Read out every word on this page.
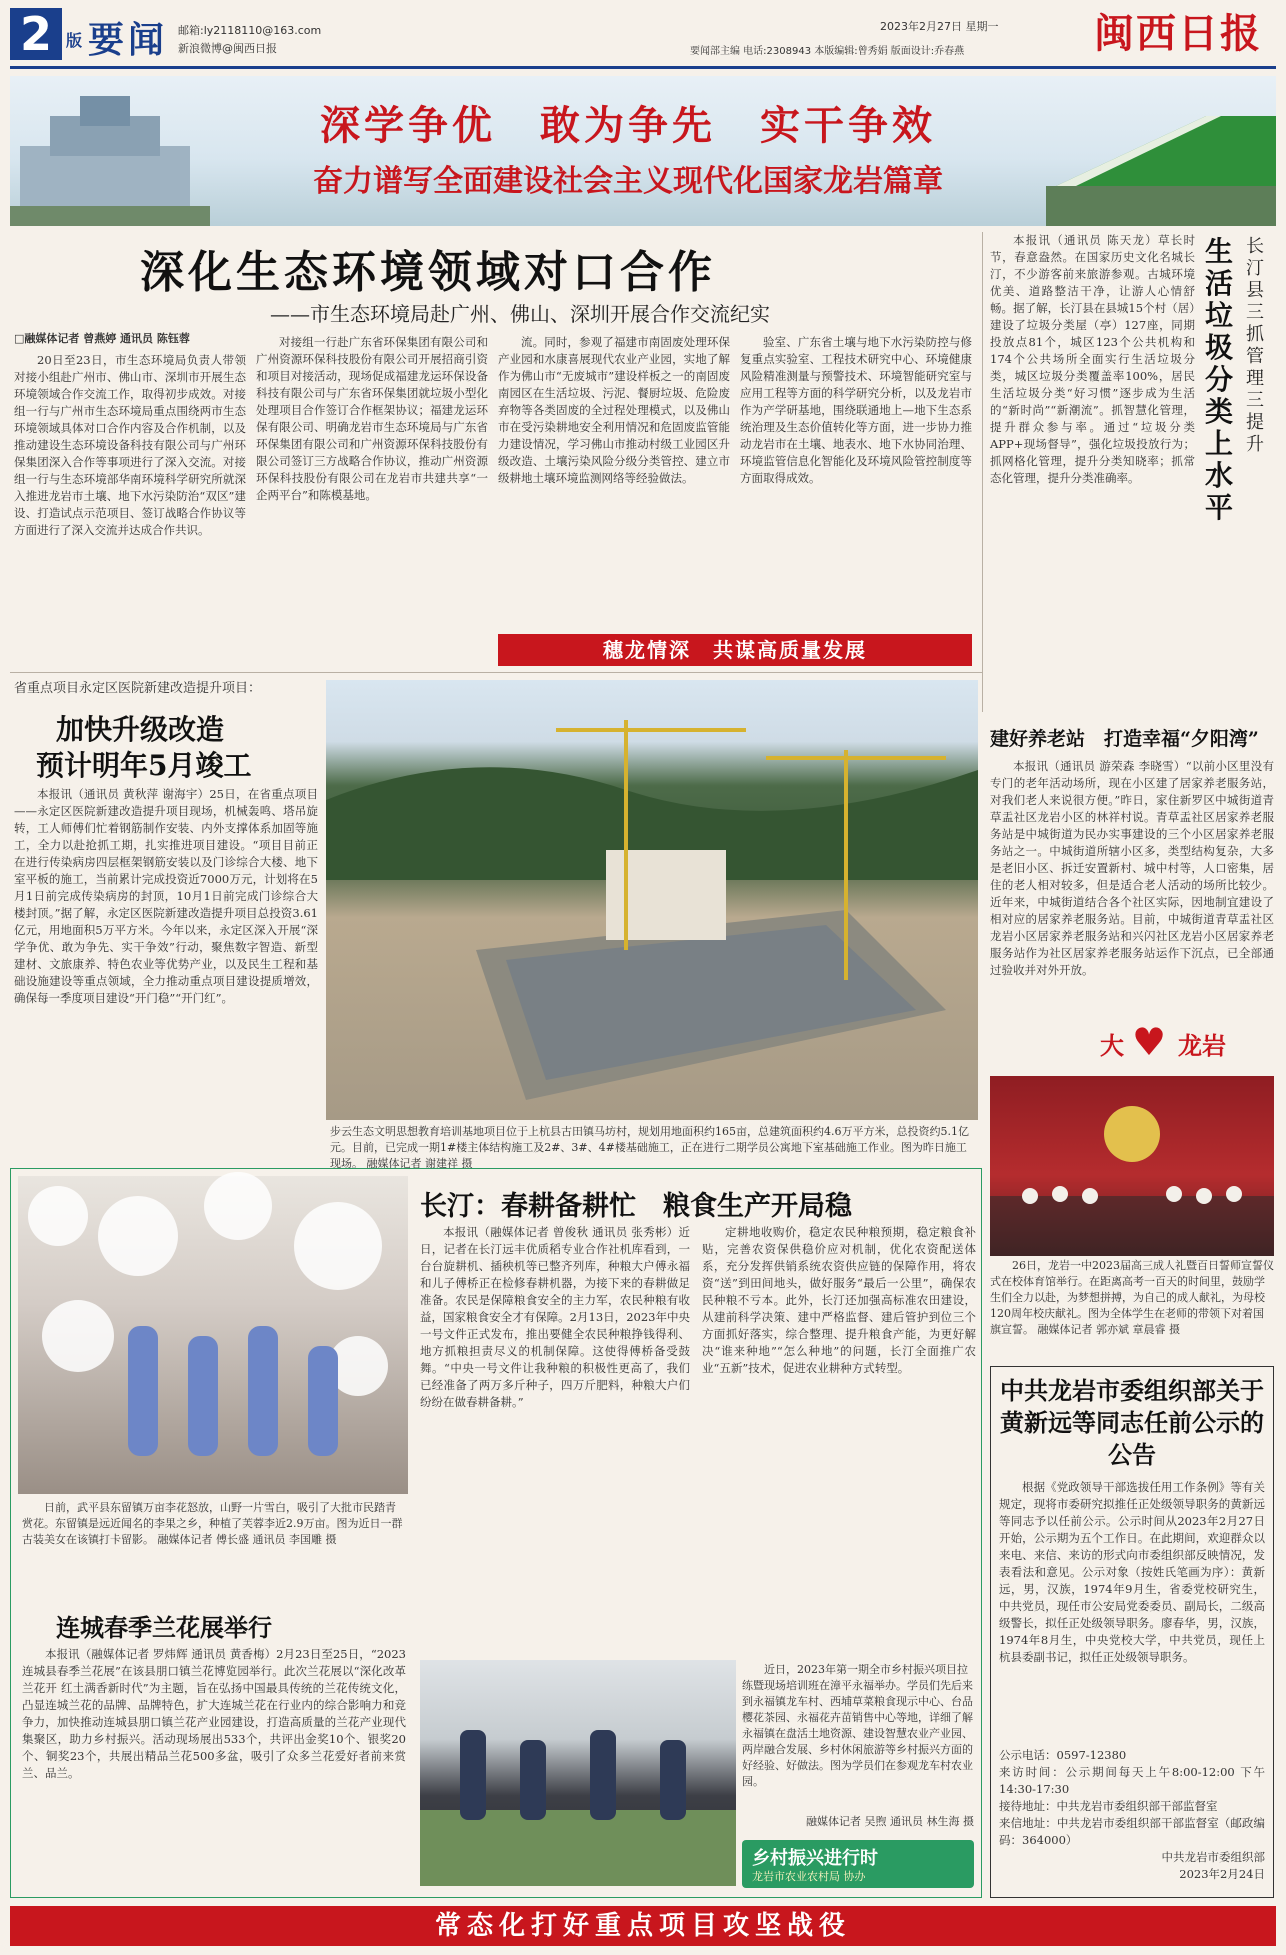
2 版 要闻 邮箱:ly2118110@163.com
新浪微博@闽西日报
2023年2月27日 星期一
要闻部主编 电话:2308943 本版编辑:曾秀娟 版面设计:乔春燕	闽西日报
深学争优　敢为争先　实干争效
奋力谱写全面建设社会主义现代化国家龙岩篇章
深化生态环境领域对口合作
——市生态环境局赴广州、佛山、深圳开展合作交流纪实
□融媒体记者 曾燕婷 通讯员 陈钰蓉

20日至23日，市生态环境局负责人带领对接小组赴广州市、佛山市、深圳市开展生态环境领域合作交流工作，取得初步成效。对接组一行与广州市生态环境局重点围绕两市生态环境领域具体对口合作内容及合作机制，以及推动建设生态环境设备科技有限公司与广州环保集团深入合作等事项进行了深入交流。对接组一行与生态环境部华南环境科学研究所就深入推进龙岩市土壤、地下水污染防治“双区”建设、打造试点示范项目、签订战略合作协议等方面进行了深入交流并达成合作共识。

对接组一行赴广东省环保集团有限公司和广州资源环保科技股份有限公司开展招商引资和项目对接活动，现场促成福建龙运环保设备科技有限公司与广东省环保集团就垃圾小型化处理项目合作签订合作框架协议；福建龙运环保有限公司、明确龙岩市生态环境局与广东省环保集团有限公司和广州资源环保科技股份有限公司签订三方战略合作协议，推动广州资源环保科技股份有限公司在龙岩市共建共享“一企两平台”和陈模基地。

流。同时，参观了福建市南固废处理环保产业园和水康喜展现代农业产业园，实地了解作为佛山市“无废城市”建设样板之一的南固废南园区在生活垃圾、污泥、餐厨垃圾、危险废弃物等各类固废的全过程处理模式，以及佛山市在受污染耕地安全利用情况和危固废监管能力建设情况，学习佛山市推动村级工业园区升级改造、土壤污染风险分级分类管控、建立市级耕地土壤环境监测网络等经验做法。

验室、广东省土壤与地下水污染防控与修复重点实验室、工程技术研究中心、环境健康风险精准测量与预警技术、环境智能研究室与应用工程等方面的科学研究分析，以及龙岩市作为产学研基地，围绕联通地上—地下生态系统治理及生态价值转化等方面，进一步协力推动龙岩市在土壤、地表水、地下水协同治理、环境监管信息化智能化及环境风险管控制度等方面取得成效。

穗龙情深　共谋高质量发展

本报讯（通讯员 陈天龙）草长时节，春意盎然。在国家历史文化名城长汀，不少游客前来旅游参观。古城环境优美、道路整洁干净，让游人心情舒畅。据了解，长汀县在县城15个村（居）建设了垃圾分类屋（亭）127座，同期投放点81个，城区123个公共机构和174个公共场所全面实行生活垃圾分类，城区垃圾分类覆盖率100%，居民生活垃圾分类“好习惯”逐步成为生活的“新时尚”“新潮流”。抓智慧化管理，提升群众参与率。通过“垃圾分类APP+现场督导”，强化垃圾投放行为；抓网格化管理，提升分类知晓率；抓常态化管理，提升分类准确率。

生活垃圾分类上水平
长汀县三抓管理三提升
省重点项目永定区医院新建改造提升项目：
加快升级改造
预计明年5月竣工

本报讯（通讯员 黄秋萍 谢海宇）25日，在省重点项目——永定区医院新建改造提升项目现场，机械轰鸣、塔吊旋转，工人师傅们忙着钢筋制作安装、内外支撑体系加固等施工，全力以赴抢抓工期，扎实推进项目建设。“项目目前正在进行传染病房四层框架钢筋安装以及门诊综合大楼、地下室平板的施工，当前累计完成投资近7000万元，计划将在5月1日前完成传染病房的封顶，10月1日前完成门诊综合大楼封顶。”据了解，永定区医院新建改造提升项目总投资3.61亿元，用地面积5万平方米。今年以来，永定区深入开展“深学争优、敢为争先、实干争效”行动，聚焦数字智造、新型建材、文旅康养、特色农业等优势产业，以及民生工程和基础设施建设等重点领域，全力推动重点项目建设提质增效，确保每一季度项目建设“开门稳”“开门红”。

步云生态文明思想教育培训基地项目位于上杭县古田镇马坊村，规划用地面积约165亩，总建筑面积约4.6万平方米，总投资约5.1亿元。目前，已完成一期1#楼主体结构施工及2#、3#、4#楼基础施工，正在进行二期学员公寓地下室基础施工作业。图为昨日施工现场。 融媒体记者 谢建祥 摄
建好养老站　打造幸福“夕阳湾”

本报讯（通讯员 游荣森 李晓雪）“以前小区里没有专门的老年活动场所，现在小区建了居家养老服务站，对我们老人来说很方便。”昨日，家住新罗区中城街道青草盂社区龙岩小区的林祥村说。青草盂社区居家养老服务站是中城街道为民办实事建设的三个小区居家养老服务站之一。中城街道所辖小区多，类型结构复杂，大多是老旧小区、拆迁安置新村、城中村等，人口密集，居住的老人相对较多，但是适合老人活动的场所比较少。近年来，中城街道结合各个社区实际，因地制宜建设了相对应的居家养老服务站。目前，中城街道青草盂社区龙岩小区居家养老服务站和兴闪社区龙岩小区居家养老服务站作为社区居家养老服务站运作下沉点，已全部通过验收并对外开放。

大 ♥ 龙岩
26日，龙岩一中2023届高三成人礼暨百日誓师宣誓仪式在校体育馆举行。在距离高考一百天的时间里，鼓励学生们全力以赴，为梦想拼搏，为自己的成人献礼，为母校120周年校庆献礼。图为全体学生在老师的带领下对着国旗宣誓。 融媒体记者 郭亦斌 章晨睿 摄
日前，武平县东留镇万亩李花怒放，山野一片雪白，吸引了大批市民踏青赏花。东留镇是远近闻名的李果之乡，种植了芙蓉李近2.9万亩。图为近日一群古装美女在该镇打卡留影。 融媒体记者 傅长盛 通讯员 李国雕 摄
连城春季兰花展举行

本报讯（融媒体记者 罗炜辉 通讯员 黄香梅）2月23日至25日，“2023连城县春季兰花展”在该县朋口镇兰花博览园举行。此次兰花展以“深化改革兰花开 红土满香新时代”为主题，旨在弘扬中国最具传统的兰花传统文化，凸显连城兰花的品牌、品牌特色，扩大连城兰花在行业内的综合影响力和竞争力，加快推动连城县朋口镇兰花产业园建设，打造高质量的兰花产业现代集聚区，助力乡村振兴。活动现场展出533个，共评出金奖10个、银奖20个、铜奖23个，共展出精品兰花500多盆，吸引了众多兰花爱好者前来赏兰、品兰。

长汀：春耕备耕忙　粮食生产开局稳

本报讯（融媒体记者 曾俊秋 通讯员 张秀彬）近日，记者在长汀远丰优质稻专业合作社机库看到，一台台旋耕机、插秧机等已整齐列库，种粮大户傅永福和儿子傅桥正在检修春耕机器，为接下来的春耕做足准备。农民是保障粮食安全的主力军，农民种粮有收益，国家粮食安全才有保障。2月13日，2023年中央一号文件正式发布，推出要健全农民种粮挣钱得利、地方抓粮担责尽义的机制保障。这使得傅桥备受鼓舞。“中央一号文件让我种粮的积极性更高了，我们已经准备了两万多斤种子，四万斤肥料，种粮大户们纷纷在做春耕备耕。”

定耕地收购价，稳定农民种粮预期，稳定粮食补贴，完善农资保供稳价应对机制，优化农资配送体系，充分发挥供销系统农资供应链的保障作用，将农资“送”到田间地头，做好服务“最后一公里”，确保农民种粮不亏本。此外，长汀还加强高标准农田建设，从建前科学决策、建中严格监督、建后管护到位三个方面抓好落实，综合整理、提升粮食产能，为更好解决“谁来种地”“怎么种地”的问题，长汀全面推广农业“五新”技术，促进农业耕种方式转型。

近日，2023年第一期全市乡村振兴项目拉练暨现场培训班在漳平永福举办。学员们先后来到永福镇龙车村、西埔草菜粮食现示中心、台品樱花茶园、永福花卉苗销售中心等地，详细了解永福镇在盘活土地资源、建设智慧农业产业园、两岸融合发展、乡村休闲旅游等乡村振兴方面的好经验、好做法。图为学员们在参观龙车村农业园。
融媒体记者 吴煦 通讯员 林生海 摄
乡村振兴进行时
龙岩市农业农村局 协办
中共龙岩市委组织部关于黄新远等同志任前公示的公告

根据《党政领导干部选拔任用工作条例》等有关规定，现将市委研究拟推任正处级领导职务的黄新远等同志予以任前公示。公示时间从2023年2月27日开始，公示期为五个工作日。在此期间，欢迎群众以来电、来信、来访的形式向市委组织部反映情况，发表看法和意见。公示对象（按姓氏笔画为序）：黄新远，男，汉族，1974年9月生，省委党校研究生，中共党员，现任市公安局党委委员、副局长，二级高级警长，拟任正处级领导职务。廖春华，男，汉族，1974年8月生，中央党校大学，中共党员，现任上杭县委副书记，拟任正处级领导职务。

公示电话：0597-12380
来访时间：公示期间每天上午8:00-12:00 下午14:30-17:30
接待地址：中共龙岩市委组织部干部监督室
来信地址：中共龙岩市委组织部干部监督室（邮政编码：364000）
中共龙岩市委组织部
2023年2月24日
常态化打好重点项目攻坚战役
